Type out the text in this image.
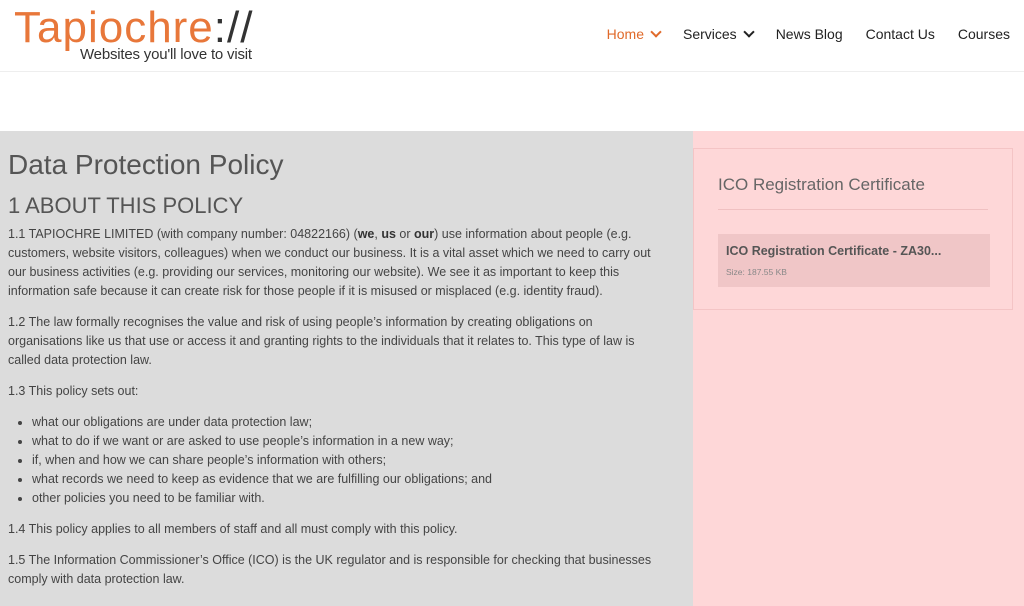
Tapiochre://
Websites you'll love to visit
Home	Services	News Blog Contact Us Courses
Data Protection Policy
1 ABOUT THIS POLICY

1.1 TAPIOCHRE LIMITED (with company number: 04822166) (we, us or our) use information about people (e.g. customers, website visitors, colleagues) when we conduct our business. It is a vital asset which we need to carry out our business activities (e.g. providing our services, monitoring our website). We see it as important to keep this information safe because it can create risk for those people if it is misused or misplaced (e.g. identity fraud).

1.2 The law formally recognises the value and risk of using people’s information by creating obligations on organisations like us that use or access it and granting rights to the individuals that it relates to. This type of law is called data protection law.

1.3 This policy sets out:

• what our obligations are under data protection law;
• what to do if we want or are asked to use people’s information in a new way;
• if, when and how we can share people’s information with others;
• what records we need to keep as evidence that we are fulfilling our obligations; and
• other policies you need to be familiar with.

1.4 This policy applies to all members of staff and all must comply with this policy.

1.5 The Information Commissioner’s Office (ICO) is the UK regulator and is responsible for checking that businesses comply with data protection law.

ICO Registration Certificate
ICO Registration Certificate - ZA30...
Size: 187.55 KB
